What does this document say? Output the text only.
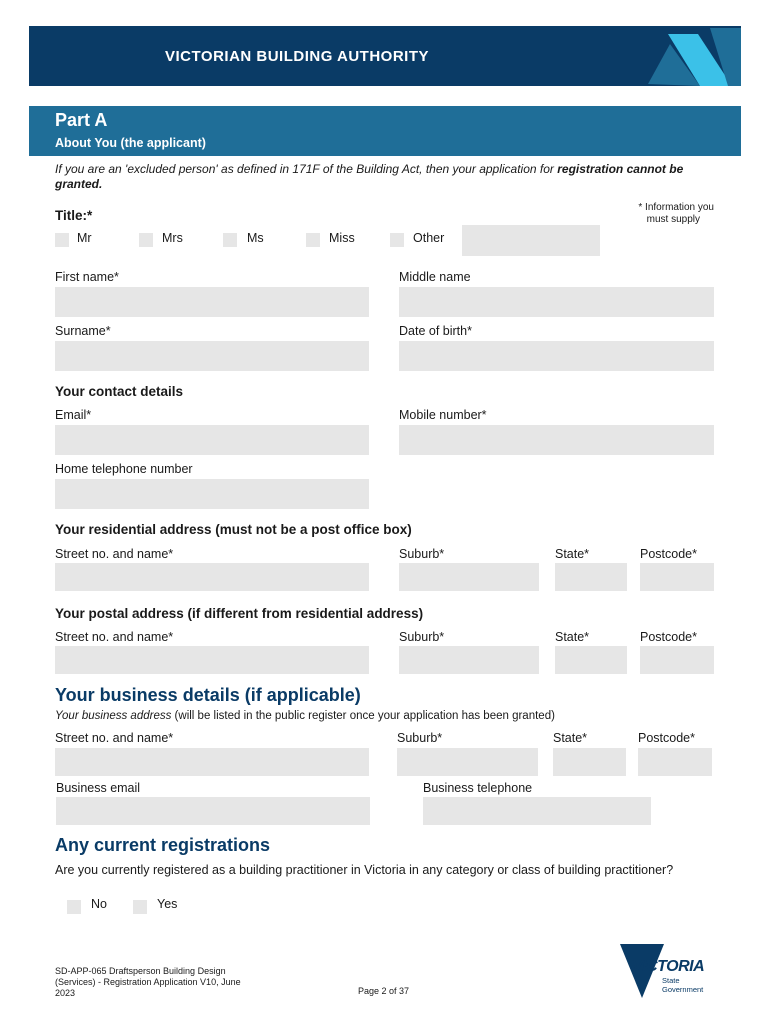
VICTORIAN BUILDING AUTHORITY
Part A
About You (the applicant)
If you are an 'excluded person' as defined in 171F of the Building Act, then your application for registration cannot be granted.
Title:*
* Information you
must supply
Mr	Mrs	Ms	Miss	Other
First name*	Middle name
Surname*	Date of birth*
Your contact details
Email*	Mobile number*
Home telephone number
Your residential address (must not be a post office box)
Street no. and name*	Suburb*	State*	Postcode*
Your postal address (if different from residential address)
Street no. and name*	Suburb*	State*	Postcode*
Your business details (if applicable)
Your business address (will be listed in the public register once your application has been granted)
Street no. and name*	Suburb*	State*	Postcode*
Business email	Business telephone
Any current registrations
Are you currently registered as a building practitioner in Victoria in any category or class of building practitioner?
No	Yes
SD-APP-065 Draftsperson Building Design
(Services) - Registration Application V10, June
2023	Page 2 of 37
VICTORIA
State
Government
